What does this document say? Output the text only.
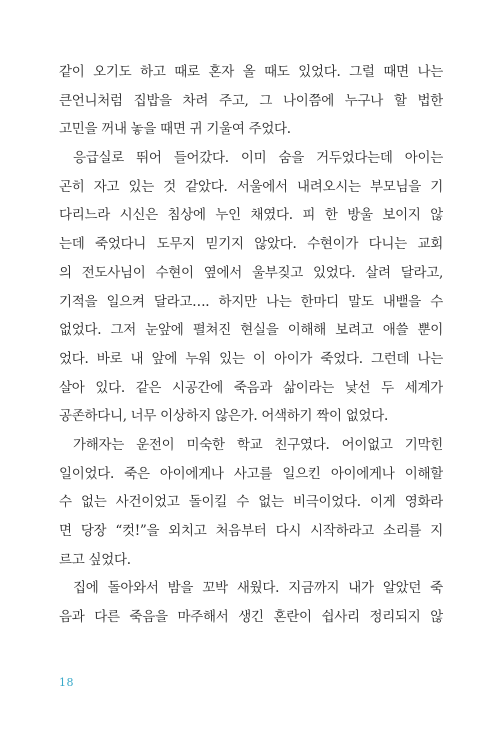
같이 오기도 하고 때로 혼자 올 때도 있었다. 그럴 때면 나는
큰언니처럼 집밥을 차려 주고, 그 나이쯤에 누구나 할 법한
고민을 꺼내 놓을 때면 귀 기울여 주었다.

응급실로 뛰어 들어갔다. 이미 숨을 거두었다는데 아이는
곤히 자고 있는 것 같았다. 서울에서 내려오시는 부모님을 기
다리느라 시신은 침상에 누인 채였다. 피 한 방울 보이지 않
는데 죽었다니 도무지 믿기지 않았다. 수현이가 다니는 교회
의 전도사님이 수현이 옆에서 울부짖고 있었다. 살려 달라고,
기적을 일으켜 달라고…. 하지만 나는 한마디 말도 내뱉을 수
없었다. 그저 눈앞에 펼쳐진 현실을 이해해 보려고 애쓸 뿐이
었다. 바로 내 앞에 누워 있는 이 아이가 죽었다. 그런데 나는
살아 있다. 같은 시공간에 죽음과 삶이라는 낯선 두 세계가
공존하다니, 너무 이상하지 않은가. 어색하기 짝이 없었다.

가해자는 운전이 미숙한 학교 친구였다. 어이없고 기막힌
일이었다. 죽은 아이에게나 사고를 일으킨 아이에게나 이해할
수 없는 사건이었고 돌이킬 수 없는 비극이었다. 이게 영화라
면 당장 “컷!”을 외치고 처음부터 다시 시작하라고 소리를 지
르고 싶었다.

집에 돌아와서 밤을 꼬박 새웠다. 지금까지 내가 알았던 죽
음과 다른 죽음을 마주해서 생긴 혼란이 쉽사리 정리되지 않

18
